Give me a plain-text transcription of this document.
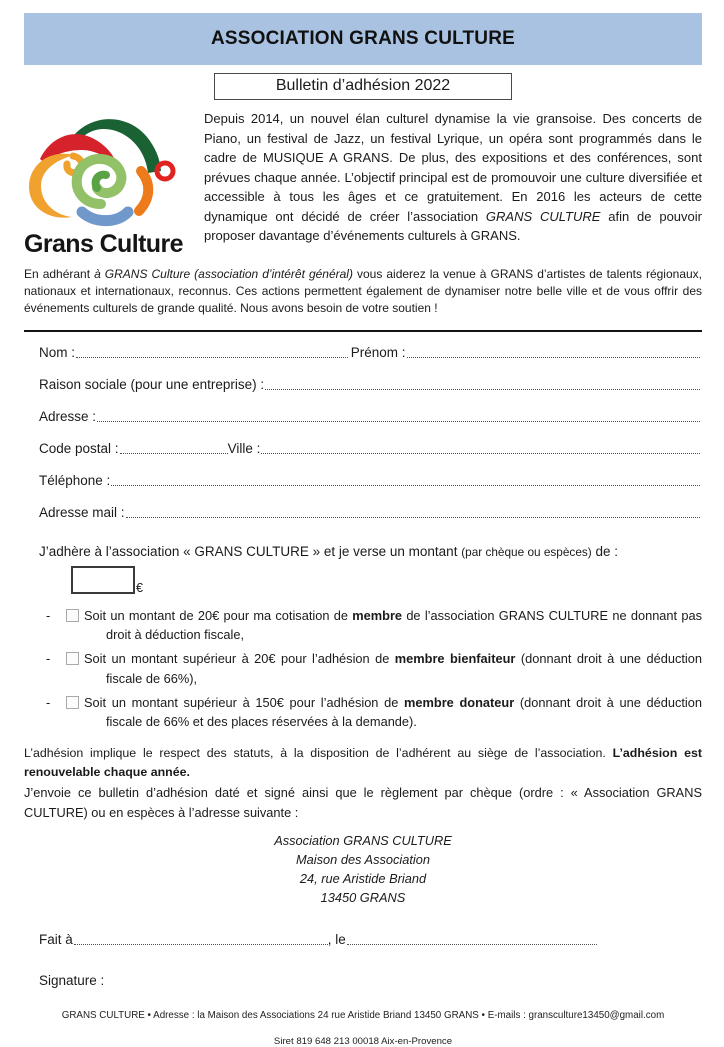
ASSOCIATION GRANS CULTURE
Bulletin d’adhésion 2022
Grans Culture

Depuis 2014, un nouvel élan culturel dynamise la vie gransoise. Des concerts de Piano, un festival de Jazz, un festival Lyrique, un opéra sont programmés dans le cadre de MUSIQUE A GRANS. De plus, des expositions et des conférences, sont prévues chaque année. L’objectif principal est de promouvoir une culture diversifiée et accessible à tous les âges et ce gratuitement. En 2016 les acteurs de cette dynamique ont décidé de créer l’association GRANS CULTURE afin de pouvoir proposer davantage d’événements culturels à GRANS.

En adhérant à GRANS Culture (association d’intérêt général) vous aiderez la venue à GRANS d’artistes de talents régionaux, nationaux et internationaux, reconnus. Ces actions permettent également de dynamiser notre belle ville et de vous offrir des événements culturels de grande qualité. Nous avons besoin de votre soutien !

Nom :	Prénom :
Raison sociale (pour une entreprise) :
Adresse :
Code postal :	Ville :
Téléphone :
Adresse mail :
J’adhère à l’association « GRANS CULTURE » et je verse un montant (par chèque ou espèces) de :
€
-	Soit un montant de 20€ pour ma cotisation de membre de l’association GRANS CULTURE ne donnant pas droit à déduction fiscale,
-	Soit un montant supérieur à 20€ pour l’adhésion de membre bienfaiteur (donnant droit à une déduction fiscale de 66%),
-	Soit un montant supérieur à 150€ pour l’adhésion de membre donateur (donnant droit à une déduction fiscale de 66% et des places réservées à la demande).

L’adhésion implique le respect des statuts, à la disposition de l’adhérent au siège de l’association. L’adhésion est renouvelable chaque année.

J’envoie ce bulletin d’adhésion daté et signé ainsi que le règlement par chèque (ordre : « Association GRANS CULTURE) ou en espèces à l’adresse suivante :

Association GRANS CULTURE
Maison des Association
24, rue Aristide Briand
13450 GRANS
Fait à	, le
Signature :
GRANS CULTURE • Adresse : la Maison des Associations 24 rue Aristide Briand 13450 GRANS • E-mails : gransculture13450@gmail.com
Siret 819 648 213 00018 Aix-en-Provence
